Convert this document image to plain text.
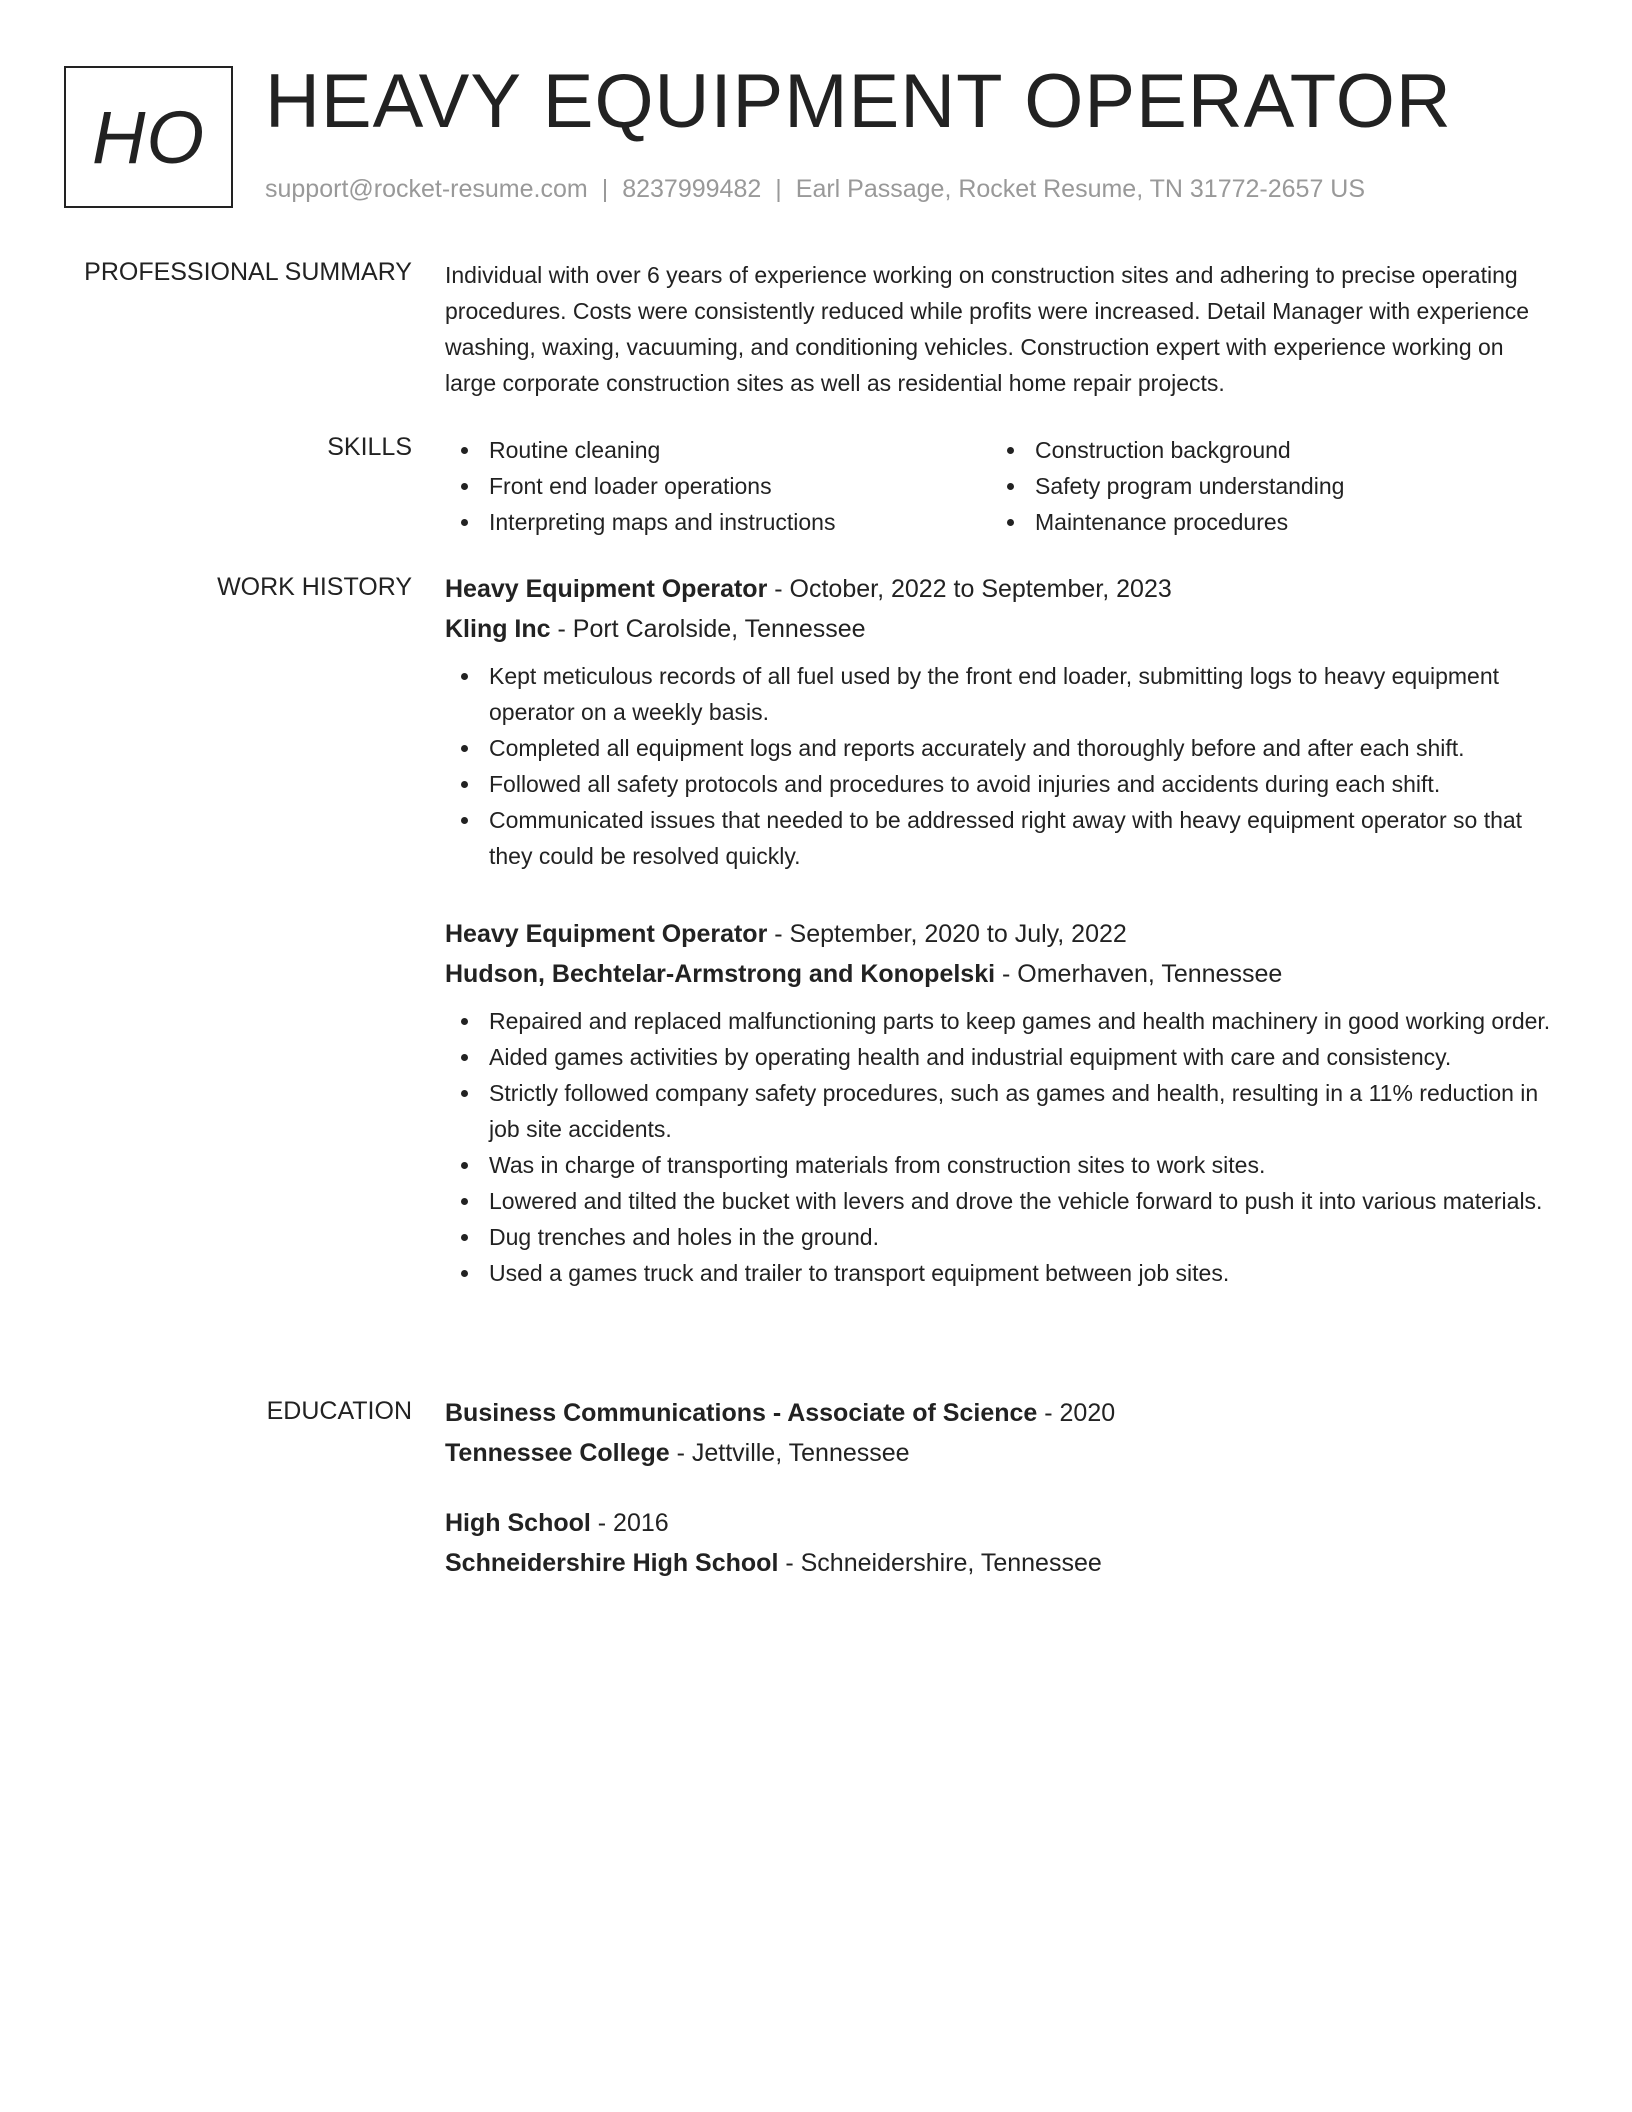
HO HEAVY EQUIPMENT OPERATOR
support@rocket-resume.com | 8237999482 | Earl Passage, Rocket Resume, TN 31772-2657 US
PROFESSIONAL SUMMARY Individual with over 6 years of experience working on construction sites and adhering to precise operating procedures. Costs were consistently reduced while profits were increased. Detail Manager with experience washing, waxing, vacuuming, and conditioning vehicles. Construction expert with experience working on large corporate construction sites as well as residential home repair projects.
SKILLS	Routine cleaning
Front end loader operations
Interpreting maps and instructions
Construction background
Safety program understanding
Maintenance procedures
WORK HISTORY Heavy Equipment Operator - October, 2022 to September, 2023
Kling Inc - Port Carolside, Tennessee
Kept meticulous records of all fuel used by the front end loader, submitting logs to heavy equipment operator on a weekly basis.
Completed all equipment logs and reports accurately and thoroughly before and after each shift.
Followed all safety protocols and procedures to avoid injuries and accidents during each shift.
Communicated issues that needed to be addressed right away with heavy equipment operator so that they could be resolved quickly.
Heavy Equipment Operator - September, 2020 to July, 2022
Hudson, Bechtelar-Armstrong and Konopelski - Omerhaven, Tennessee
Repaired and replaced malfunctioning parts to keep games and health machinery in good working order.
Aided games activities by operating health and industrial equipment with care and consistency.
Strictly followed company safety procedures, such as games and health, resulting in a 11% reduction in job site accidents.
Was in charge of transporting materials from construction sites to work sites.
Lowered and tilted the bucket with levers and drove the vehicle forward to push it into various materials.
Dug trenches and holes in the ground.
Used a games truck and trailer to transport equipment between job sites.
EDUCATION Business Communications - Associate of Science - 2020
Tennessee College - Jettville, Tennessee
High School - 2016
Schneidershire High School - Schneidershire, Tennessee
